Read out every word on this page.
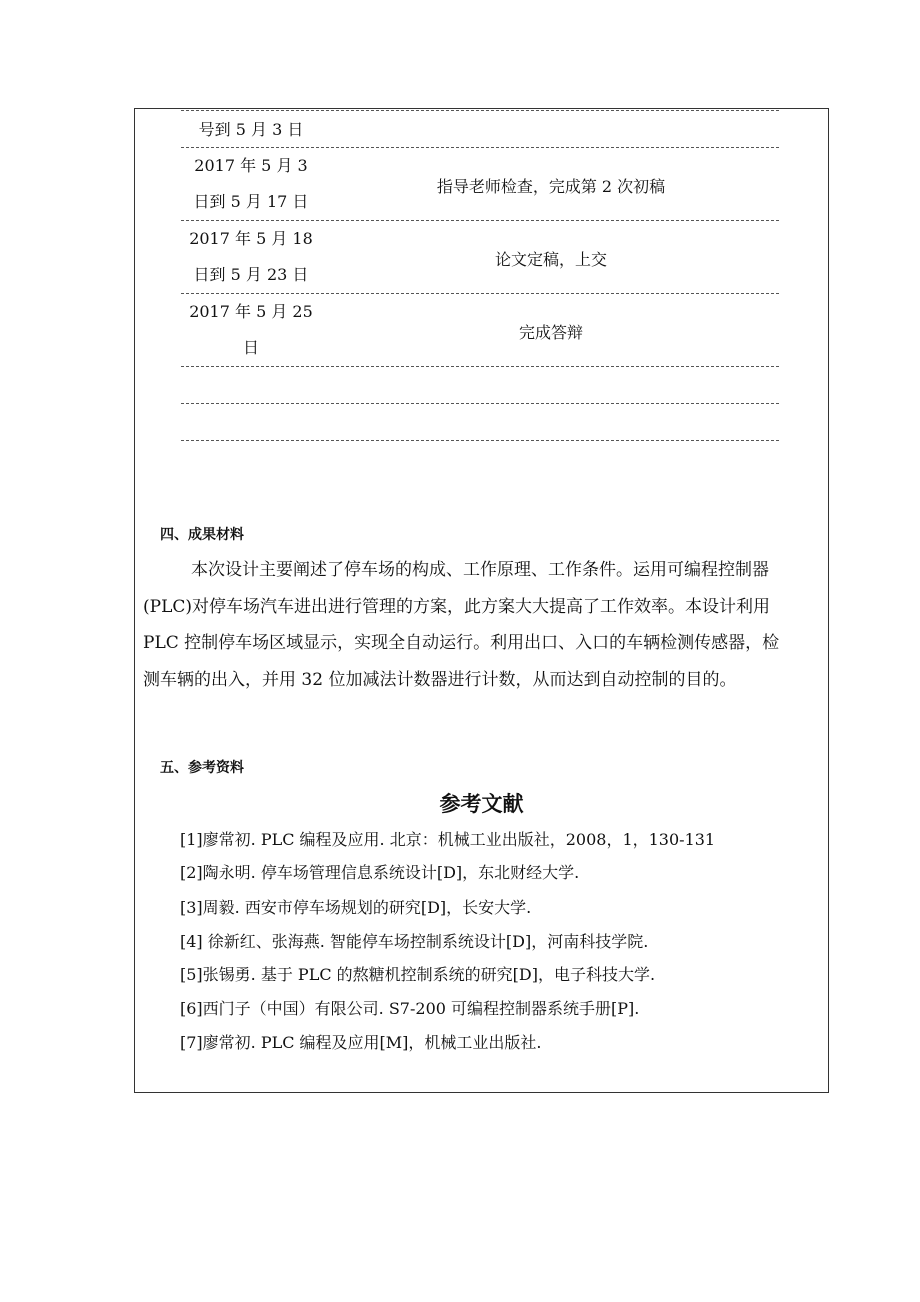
号到 5 月 3 日
2017 年 5 月 3
日到 5 月 17 日
指导老师检查，完成第 2 次初稿
2017 年 5 月 18
日到 5 月 23 日
论文定稿，上交
2017 年 5 月 25
日
完成答辩
四、成果材料
本次设计主要阐述了停车场的构成、工作原理、工作条件。运用可编程控制器
(PLC)对停车场汽车进出进行管理的方案，此方案大大提高了工作效率。本设计利用
PLC 控制停车场区域显示，实现全自动运行。利用出口、入口的车辆检测传感器，检
测车辆的出入，并用 32 位加减法计数器进行计数，从而达到自动控制的目的。
五、参考资料
参考文献
[1]廖常初. PLC 编程及应用. 北京：机械工业出版社，2008，1，130-131
[2]陶永明. 停车场管理信息系统设计[D]，东北财经大学.
[3]周毅. 西安市停车场规划的研究[D]，长安大学.
[4] 徐新红、张海燕. 智能停车场控制系统设计[D]，河南科技学院.
[5]张锡勇. 基于 PLC 的熬糖机控制系统的研究[D]，电子科技大学.
[6]西门子（中国）有限公司. S7-200 可编程控制器系统手册[P].
[7]廖常初. PLC 编程及应用[M]，机械工业出版社.
